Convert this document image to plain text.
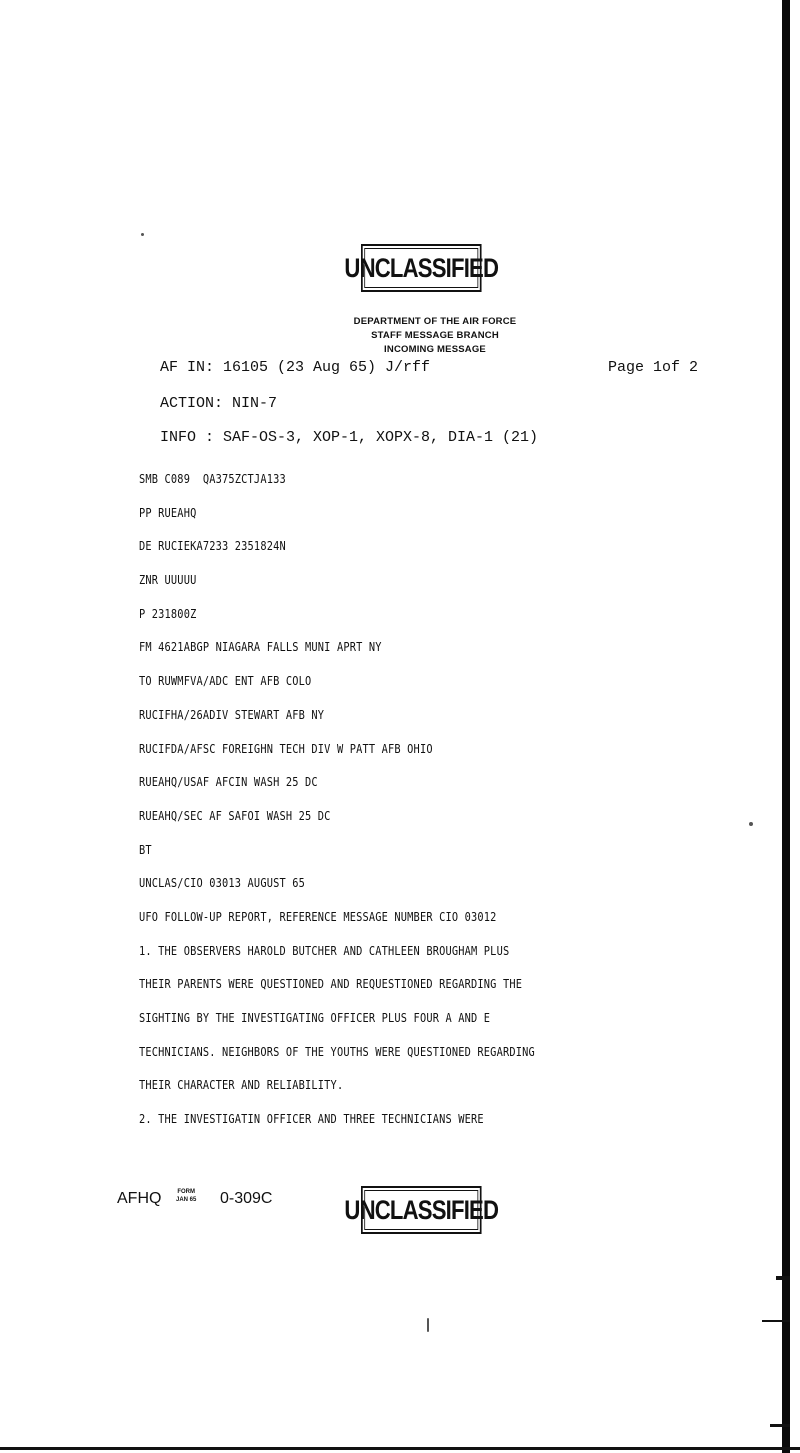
UNCLASSIFIED
DEPARTMENT OF THE AIR FORCE
STAFF MESSAGE BRANCH
INCOMING MESSAGE
AF IN: 16105 (23 Aug 65) J/rff	Page 1of 2
ACTION: NIN-7
INFO : SAF-OS-3, XOP-1, XOPX-8, DIA-1 (21)
SMB C089  QA375ZCTJA133
PP RUEAHQ
DE RUCIEKA7233 2351824N
ZNR UUUUU
P 231800Z
FM 4621ABGP NIAGARA FALLS MUNI APRT NY
TO RUWMFVA/ADC ENT AFB COLO
RUCIFHA/26ADIV STEWART AFB NY
RUCIFDA/AFSC FOREIGHN TECH DIV W PATT AFB OHIO
RUEAHQ/USAF AFCIN WASH 25 DC
RUEAHQ/SEC AF SAFOI WASH 25 DC
BT
UNCLAS/CIO 03013 AUGUST 65
UFO FOLLOW-UP REPORT, REFERENCE MESSAGE NUMBER CIO 03012
1. THE OBSERVERS HAROLD BUTCHER AND CATHLEEN BROUGHAM PLUS
THEIR PARENTS WERE QUESTIONED AND REQUESTIONED REGARDING THE
SIGHTING BY THE INVESTIGATING OFFICER PLUS FOUR A AND E
TECHNICIANS. NEIGHBORS OF THE YOUTHS WERE QUESTIONED REGARDING
THEIR CHARACTER AND RELIABILITY.
2. THE INVESTIGATIN OFFICER AND THREE TECHNICIANS WERE
AFHQ	FORM
JAN 65 0-309C	UNCLASSIFIED
